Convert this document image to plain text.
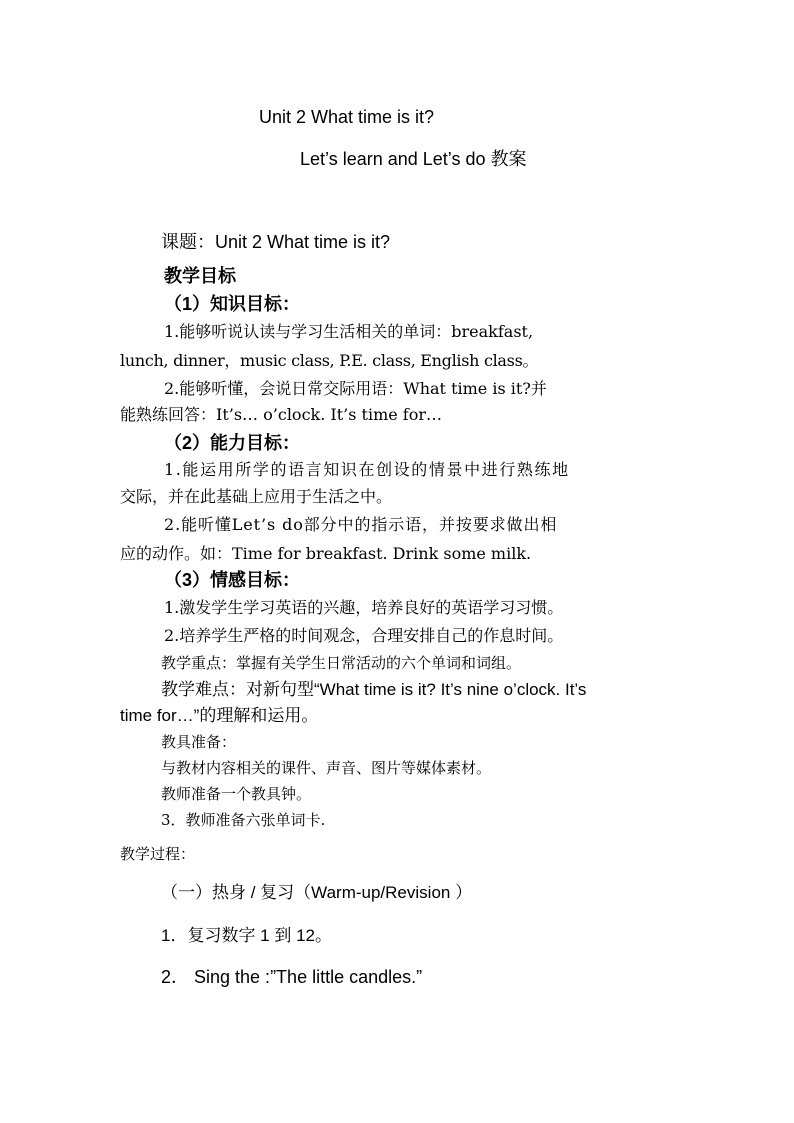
Unit 2 What time is it?
Let’s learn and Let’s do 教案
课题：Unit 2 What time is it?
教学目标
（1）知识目标：
1.能够听说认读与学习生活相关的单词：breakfast,
lunch, dinner，music class, P.E. class, English class。
2.能够听懂，会说日常交际用语：What time is it?并
能熟练回答：It’s… o’clock. It’s time for…
（2）能力目标：
1.能运用所学的语言知识在创设的情景中进行熟练地
交际，并在此基础上应用于生活之中。
2.能听懂Let’s do部分中的指示语，并按要求做出相
应的动作。如：Time for breakfast. Drink some milk.
（3）情感目标：
1.激发学生学习英语的兴趣，培养良好的英语学习习惯。
2.培养学生严格的时间观念，合理安排自己的作息时间。
教学重点：掌握有关学生日常活动的六个单词和词组。
教学难点：对新句型“What time is it? It’s nine o’clock. It’s
time for…”的理解和运用。
教具准备：
与教材内容相关的课件、声音、图片等媒体素材。
教师准备一个教具钟。
3．教师准备六张单词卡.
教学过程：
（一）热身 / 复习（Warm-up/Revision ）
1．复习数字 1 到 12。
2． Sing the :”The little candles.”
